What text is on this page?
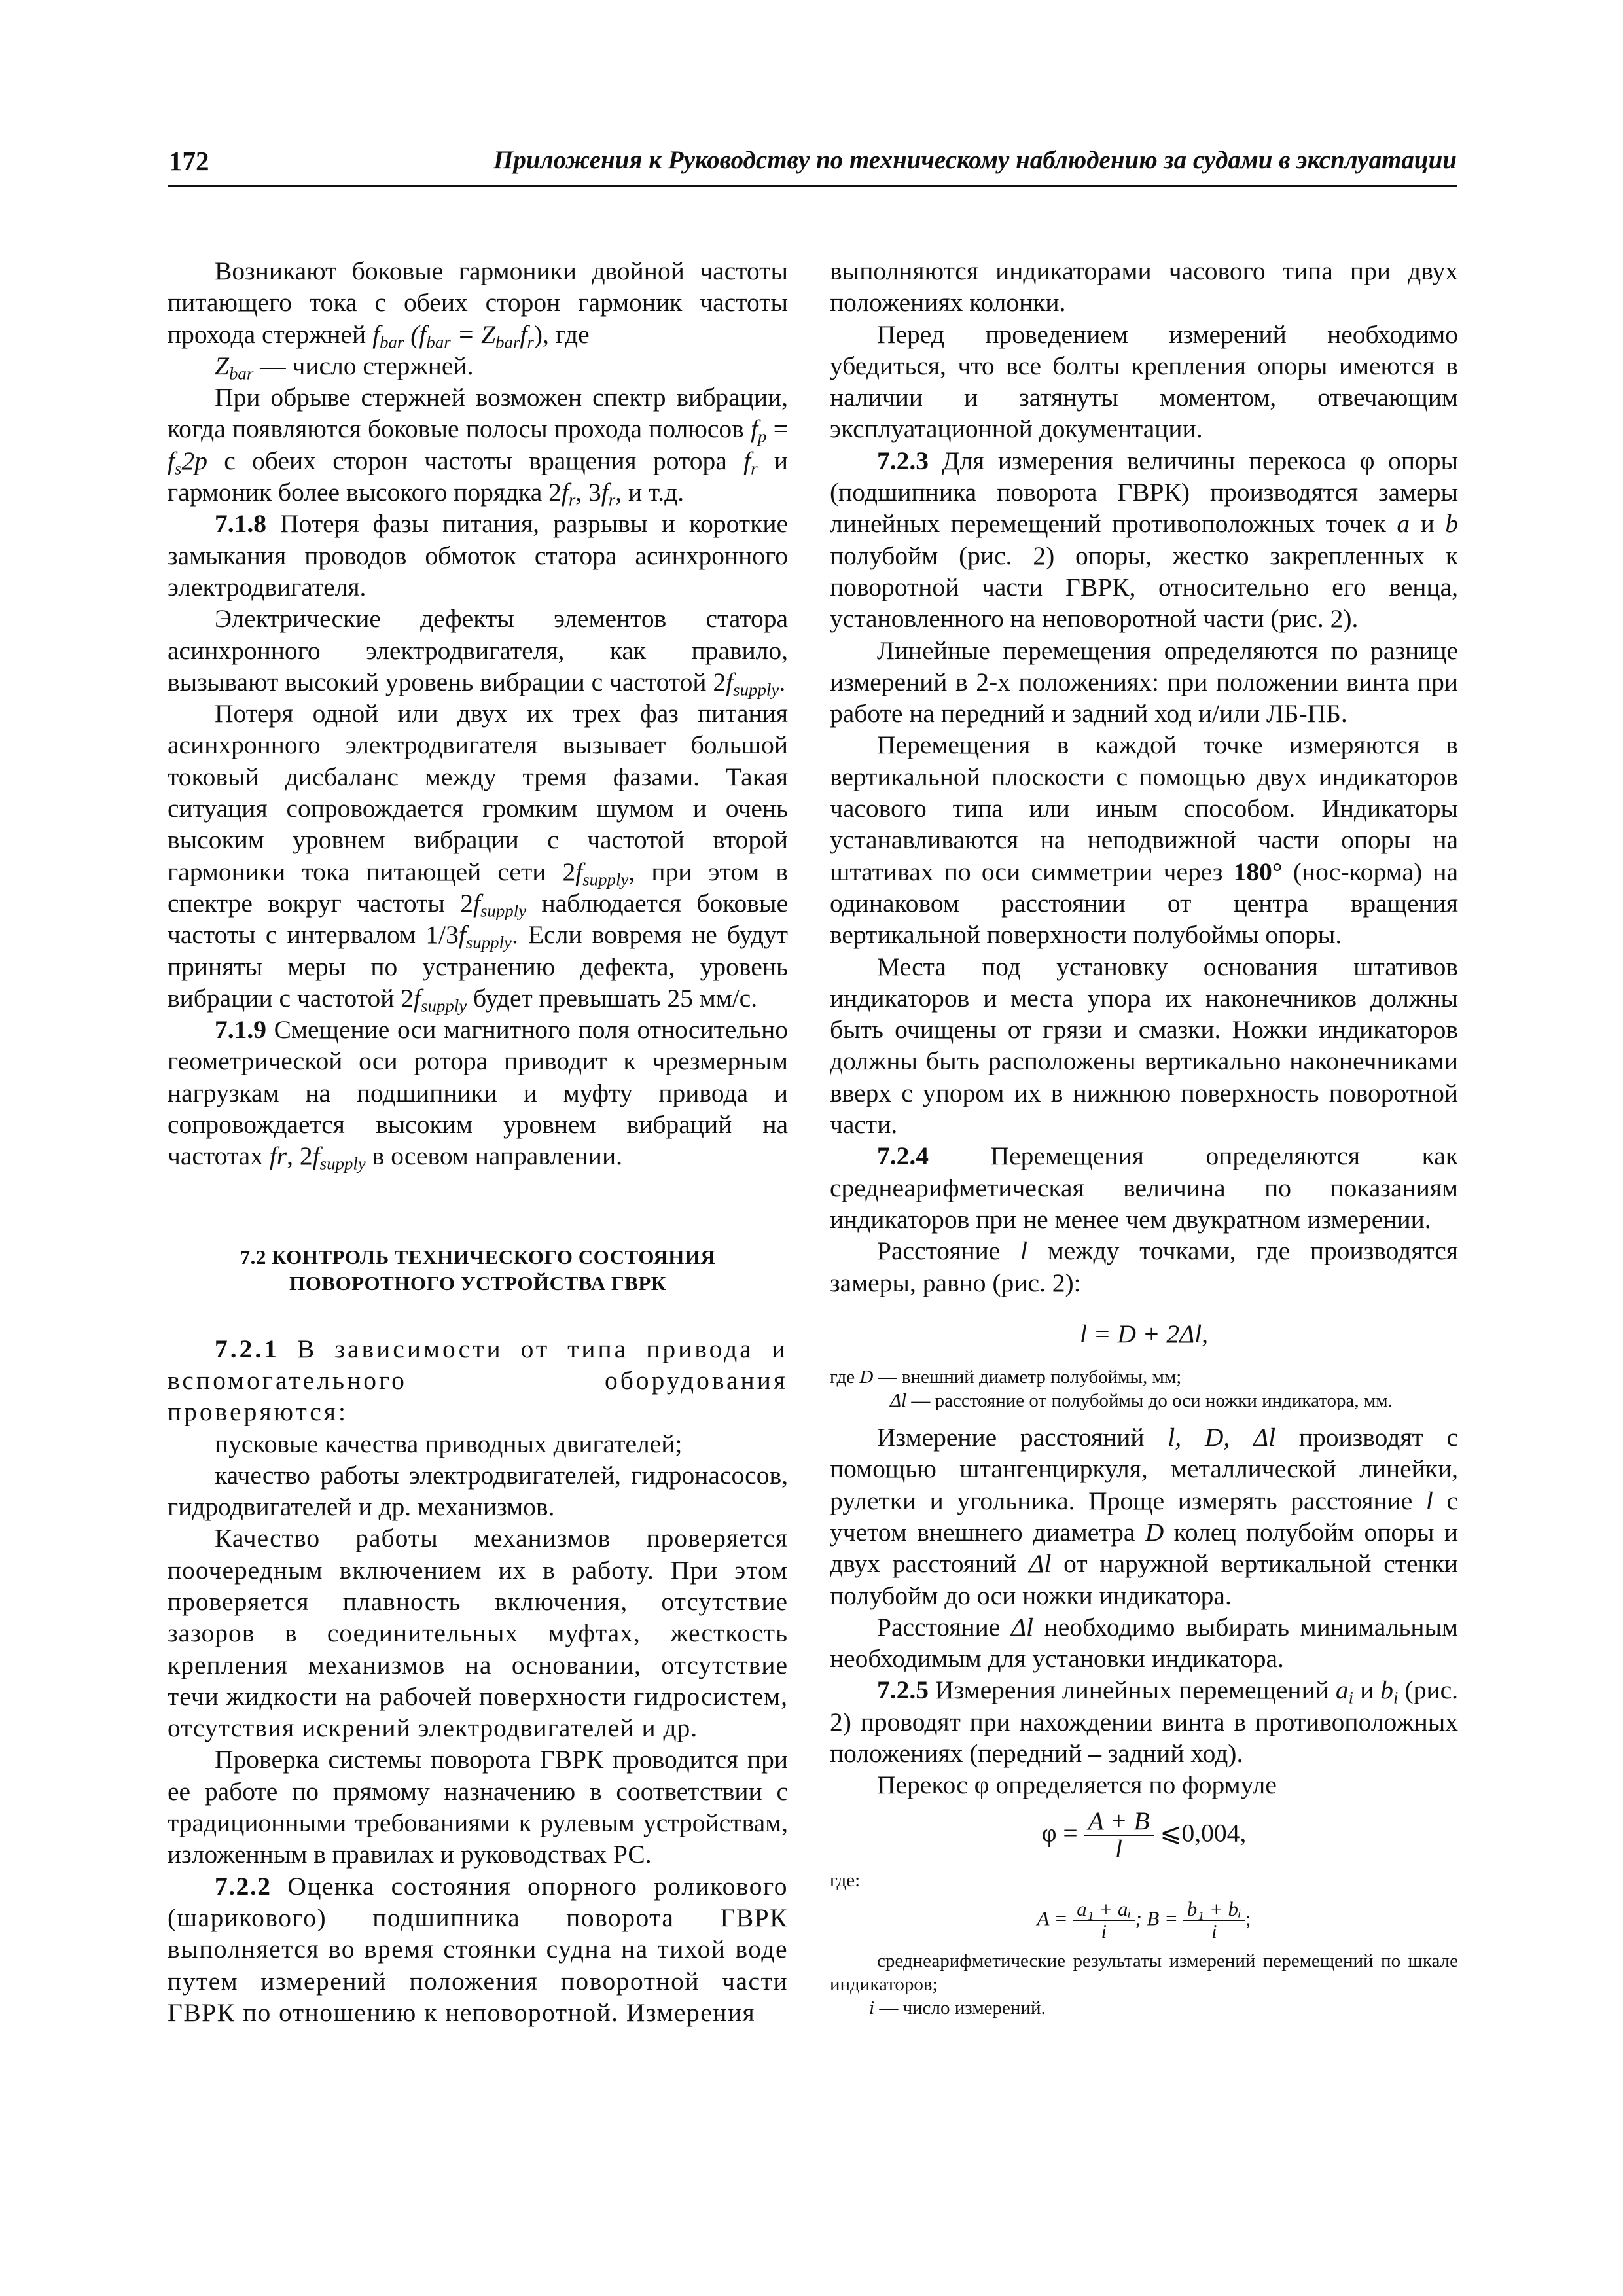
172	Приложения к Руководству по техническому наблюдению за судами в эксплуатации

Возникают боковые гармоники двойной частоты питающего тока с обеих сторон гармоник частоты прохода стержней $f_{bar}$ $(f_{bar} = Z_{bar}f_r)$, где

$Z_{bar}$ — число стержней.

При обрыве стержней возможен спектр вибрации, когда появляются боковые полосы прохода полюсов $f_p = f_s2p$ с обеих сторон частоты вращения ротора $f_r$ и гармоник более высокого порядка $2f_r$, $3f_r$, и т.д.

7.1.8 Потеря фазы питания, разрывы и короткие замыкания проводов обмоток статора асинхронного электродвигателя.

Электрические дефекты элементов статора асинхронного электродвигателя, как правило, вызывают высокий уровень вибрации с частотой $2f_{supply}$.

Потеря одной или двух их трех фаз питания асинхронного электродвигателя вызывает большой токовый дисбаланс между тремя фазами. Такая ситуация сопровождается громким шумом и очень высоким уровнем вибрации с частотой второй гармоники тока питающей сети $2f_{supply}$, при этом в спектре вокруг частоты $2f_{supply}$ наблюдается боковые частоты с интервалом $1/3f_{supply}$. Если вовремя не будут приняты меры по устранению дефекта, уровень вибрации с частотой $2f_{supply}$ будет превышать 25 мм/с.

7.1.9 Смещение оси магнитного поля относительно геометрической оси ротора приводит к чрезмерным нагрузкам на подшипники и муфту привода и сопровождается высоким уровнем вибраций на частотах fr, $2f_{supply}$ в осевом направлении.

7.2 КОНТРОЛЬ ТЕХНИЧЕСКОГО СОСТОЯНИЯ
ПОВОРОТНОГО УСТРОЙСТВА ГВРК

7.2.1 В зависимости от типа привода и вспомогательного оборудования проверяются:

пусковые качества приводных двигателей;

качество работы электродвигателей, гидронасосов, гидродвигателей и др. механизмов.

Качество работы механизмов проверяется поочередным включением их в работу. При этом проверяется плавность включения, отсутствие зазоров в соединительных муфтах, жесткость крепления механизмов на основании, отсутствие течи жидкости на рабочей поверхности гидросистем, отсутствия искрений электродвигателей и др.

Проверка системы поворота ГВРК проводится при ее работе по прямому назначению в соответствии с традиционными требованиями к рулевым устройствам, изложенным в правилах и руководствах РС.

7.2.2 Оценка состояния опорного роликового (шарикового) подшипника поворота ГВРК выполняется во время стоянки судна на тихой воде путем измерений положения поворотной части ГВРК по отношению к неповоротной. Измерения

выполняются индикаторами часового типа при двух положениях колонки.

Перед проведением измерений необходимо убедиться, что все болты крепления опоры имеются в наличии и затянуты моментом, отвечающим эксплуатационной документации.

7.2.3 Для измерения величины перекоса φ опоры (подшипника поворота ГВРК) производятся замеры линейных перемещений противоположных точек a и b полубойм (рис. 2) опоры, жестко закрепленных к поворотной части ГВРК, относительно его венца, установленного на неповоротной части (рис. 2).

Линейные перемещения определяются по разнице измерений в 2-х положениях: при положении винта при работе на передний и задний ход и/или ЛБ-ПБ.

Перемещения в каждой точке измеряются в вертикальной плоскости с помощью двух индикаторов часового типа или иным способом. Индикаторы устанавливаются на неподвижной части опоры на штативах по оси симметрии через 180° (нос-корма) на одинаковом расстоянии от центра вращения вертикальной поверхности полубоймы опоры.

Места под установку основания штативов индикаторов и места упора их наконечников должны быть очищены от грязи и смазки. Ножки индикаторов должны быть расположены вертикально наконечниками вверх с упором их в нижнюю поверхность поворотной части.

7.2.4 Перемещения определяются как среднеарифметическая величина по показаниям индикаторов при не менее чем двукратном измерении.

Расстояние l между точками, где производятся замеры, равно (рис. 2):

l = D + 2Δl,

где D — внешний диаметр полубоймы, мм;

Δl — расстояние от полубоймы до оси ножки индикатора, мм.

Измерение расстояний l, D, Δl производят с помощью штангенциркуля, металлической линейки, рулетки и угольника. Проще измерять расстояние l с учетом внешнего диаметра D колец полубойм опоры и двух расстояний Δl от наружной вертикальной стенки полубойм до оси ножки индикатора.

Расстояние Δl необходимо выбирать минимальным необходимым для установки индикатора.

7.2.5 Измерения линейных перемещений $a_i$ и $b_i$ (рис. 2) проводят при нахождении винта в противоположных положениях (передний – задний ход).

Перекос φ определяется по формуле

$\varphi = \frac{A + B}{l}$ ⩽0,004,

где:

$A = \frac{\text{a₁ + aᵢ}}{i}$ ; $B = \frac{\text{b₁ + bᵢ}}{i}$ ;

среднеарифметические результаты измерений перемещений по шкале индикаторов;

i — число измерений.
